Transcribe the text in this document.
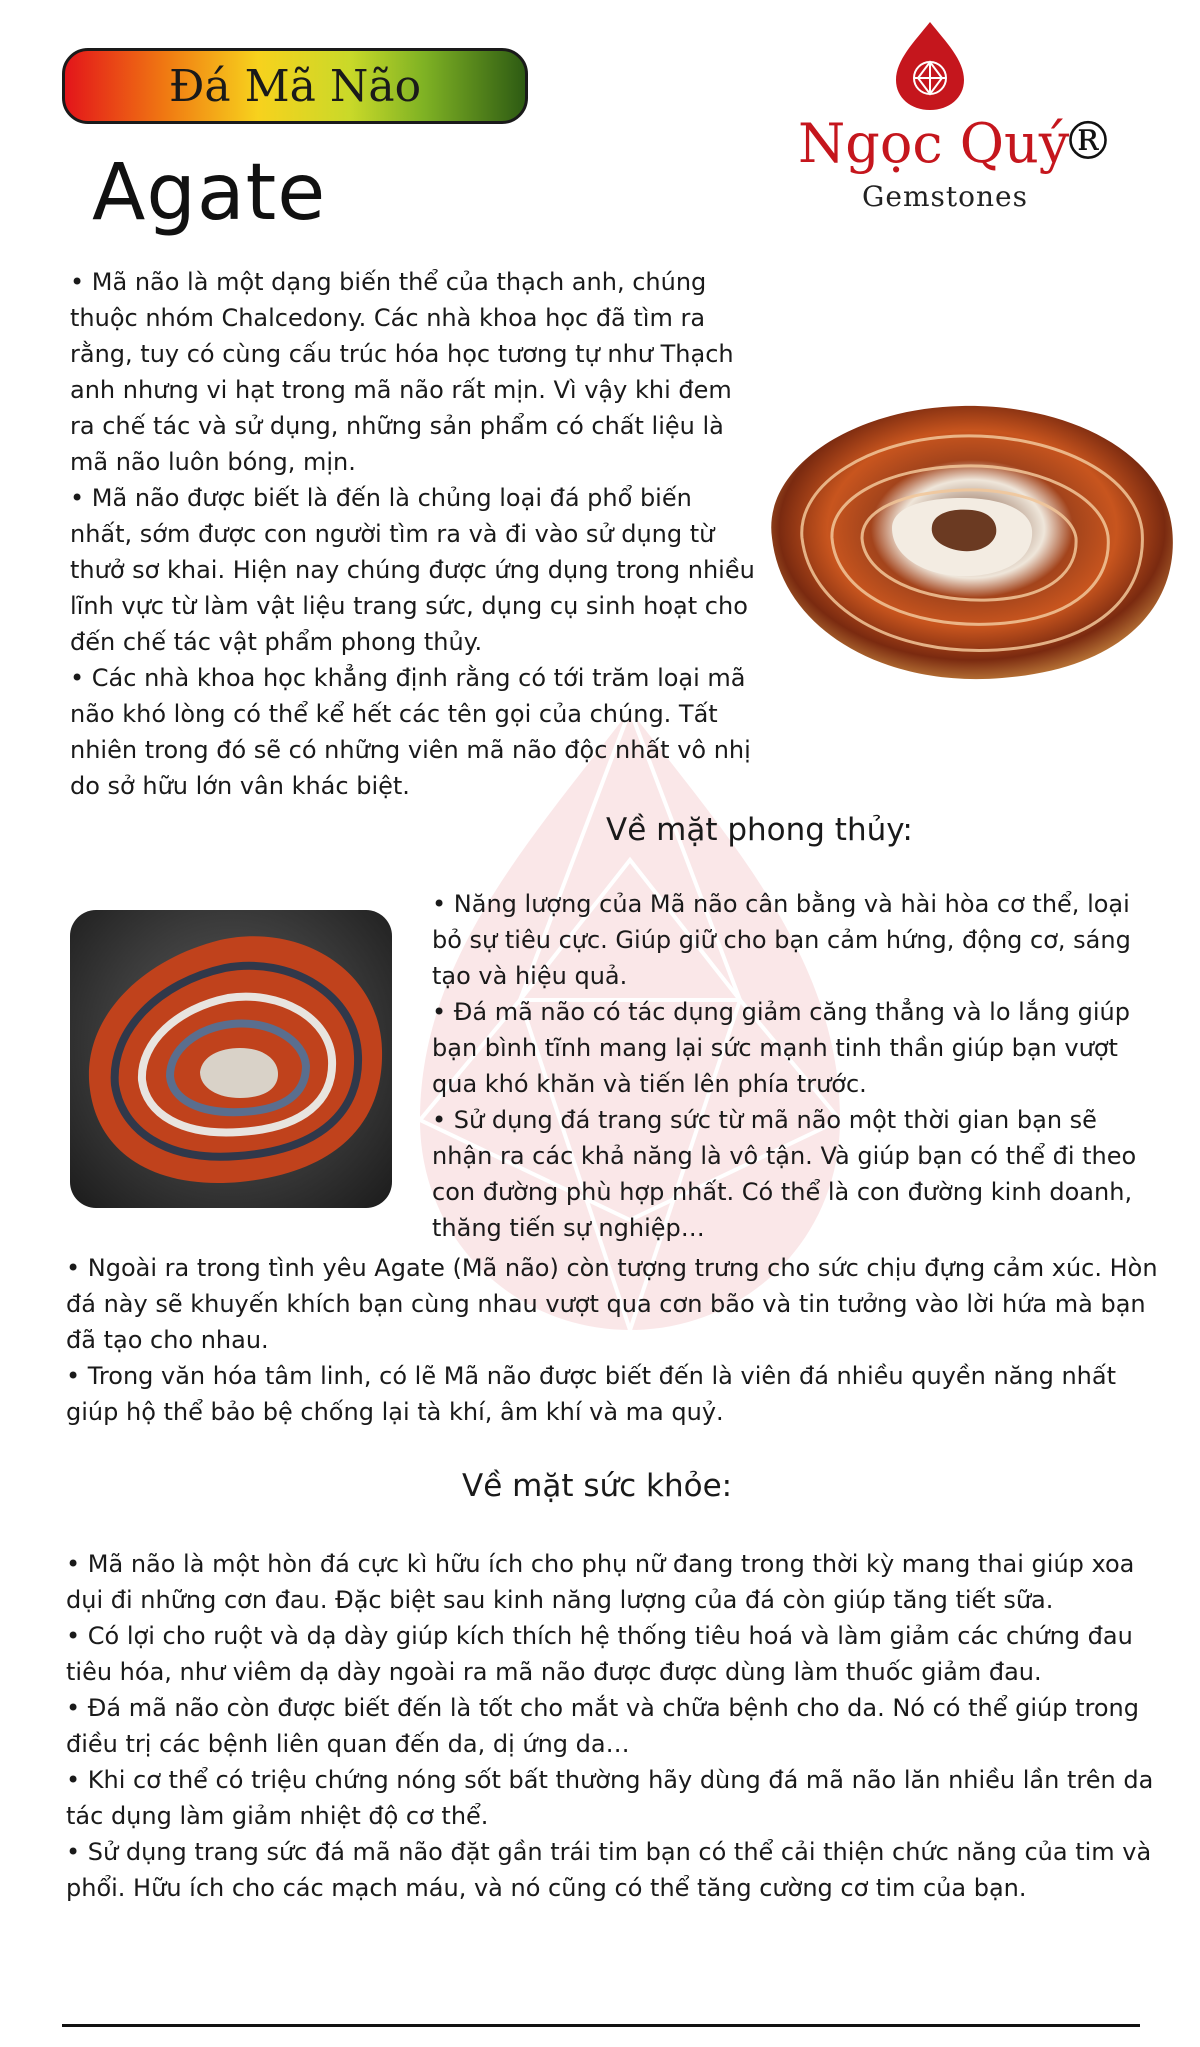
Đá Mã Não
Agate
Ngọc Quý
®
Gemstones

• Mã não là một dạng biến thể của thạch anh, chúng thuộc nhóm Chalcedony. Các nhà khoa học đã tìm ra rằng, tuy có cùng cấu trúc hóa học tương tự như Thạch anh nhưng vi hạt trong mã não rất mịn. Vì vậy khi đem ra chế tác và sử dụng, những sản phẩm có chất liệu là mã não luôn bóng, mịn.

• Mã não được biết là đến là chủng loại đá phổ biến nhất, sớm được con người tìm ra và đi vào sử dụng từ thưở sơ khai. Hiện nay chúng được ứng dụng trong nhiều lĩnh vực từ làm vật liệu trang sức, dụng cụ sinh hoạt cho đến chế tác vật phẩm phong thủy.

• Các nhà khoa học khẳng định rằng có tới trăm loại mã não khó lòng có thể kể hết các tên gọi của chúng. Tất nhiên trong đó sẽ có những viên mã não độc nhất vô nhị do sở hữu lớn vân khác biệt.

Về mặt phong thủy:

• Năng lượng của Mã não cân bằng và hài hòa cơ thể, loại bỏ sự tiêu cực. Giúp giữ cho bạn cảm hứng, động cơ, sáng tạo và hiệu quả.

• Đá mã não có tác dụng giảm căng thẳng và lo lắng giúp bạn bình tĩnh mang lại sức mạnh tinh thần giúp bạn vượt qua khó khăn và tiến lên phía trước.

• Sử dụng đá trang sức từ mã não một thời gian bạn sẽ nhận ra các khả năng là vô tận. Và giúp bạn có thể đi theo con đường phù hợp nhất. Có thể là con đường kinh doanh, thăng tiến sự nghiệp…

• Ngoài ra trong tình yêu Agate (Mã não) còn tượng trưng cho sức chịu đựng cảm xúc. Hòn đá này sẽ khuyến khích bạn cùng nhau vượt qua cơn bão và tin tưởng vào lời hứa mà bạn đã tạo cho nhau.

• Trong văn hóa tâm linh, có lẽ Mã não được biết đến là viên đá nhiều quyền năng nhất giúp hộ thể bảo bệ chống lại tà khí, âm khí và ma quỷ.

Về mặt sức khỏe:

• Mã não là một hòn đá cực kì hữu ích cho phụ nữ đang trong thời kỳ mang thai giúp xoa dụi đi những cơn đau. Đặc biệt sau kinh năng lượng của đá còn giúp tăng tiết sữa.

• Có lợi cho ruột và dạ dày giúp kích thích hệ thống tiêu hoá và làm giảm các chứng đau tiêu hóa, như viêm dạ dày ngoài ra mã não được được dùng làm thuốc giảm đau.

• Đá mã não còn được biết đến là tốt cho mắt và chữa bệnh cho da. Nó có thể giúp trong điều trị các bệnh liên quan đến da, dị ứng da…

• Khi cơ thể có triệu chứng nóng sốt bất thường hãy dùng đá mã não lăn nhiều lần trên da tác dụng làm giảm nhiệt độ cơ thể.

• Sử dụng trang sức đá mã não đặt gần trái tim bạn có thể cải thiện chức năng của tim và phổi. Hữu ích cho các mạch máu, và nó cũng có thể tăng cường cơ tim của bạn.
